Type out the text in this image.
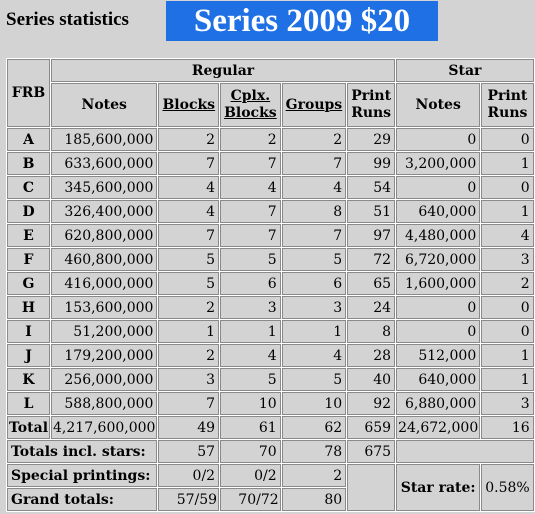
Series statistics	Series 2009 $20
FRB	Regular					Star	
	Notes	Blocks	Cplx. Blocks	Groups	Print Runs	Notes	Print Runs
A	185,600,000	2	2	2	29	0	0
B	633,600,000	7	7	7	99	3,200,000	1
C	345,600,000	4	4	4	54	0	0
D	326,400,000	4	7	8	51	640,000	1
E	620,800,000	7	7	7	97	4,480,000	4
F	460,800,000	5	5	5	72	6,720,000	3
G	416,000,000	5	6	6	65	1,600,000	2
H	153,600,000	2	3	3	24	0	0
I	51,200,000	1	1	1	8	0	0
J	179,200,000	2	4	4	28	512,000	1
K	256,000,000	3	5	5	40	640,000	1
L	588,800,000	7	10	10	92	6,880,000	3
Total	4,217,600,000	49	61	62	659	24,672,000	16
Totals incl. stars:		57	70	78	675		
Special printings:		0/2	0/2	2		Star rate:	0.58%
Grand totals:		57/59	70/72	80			
